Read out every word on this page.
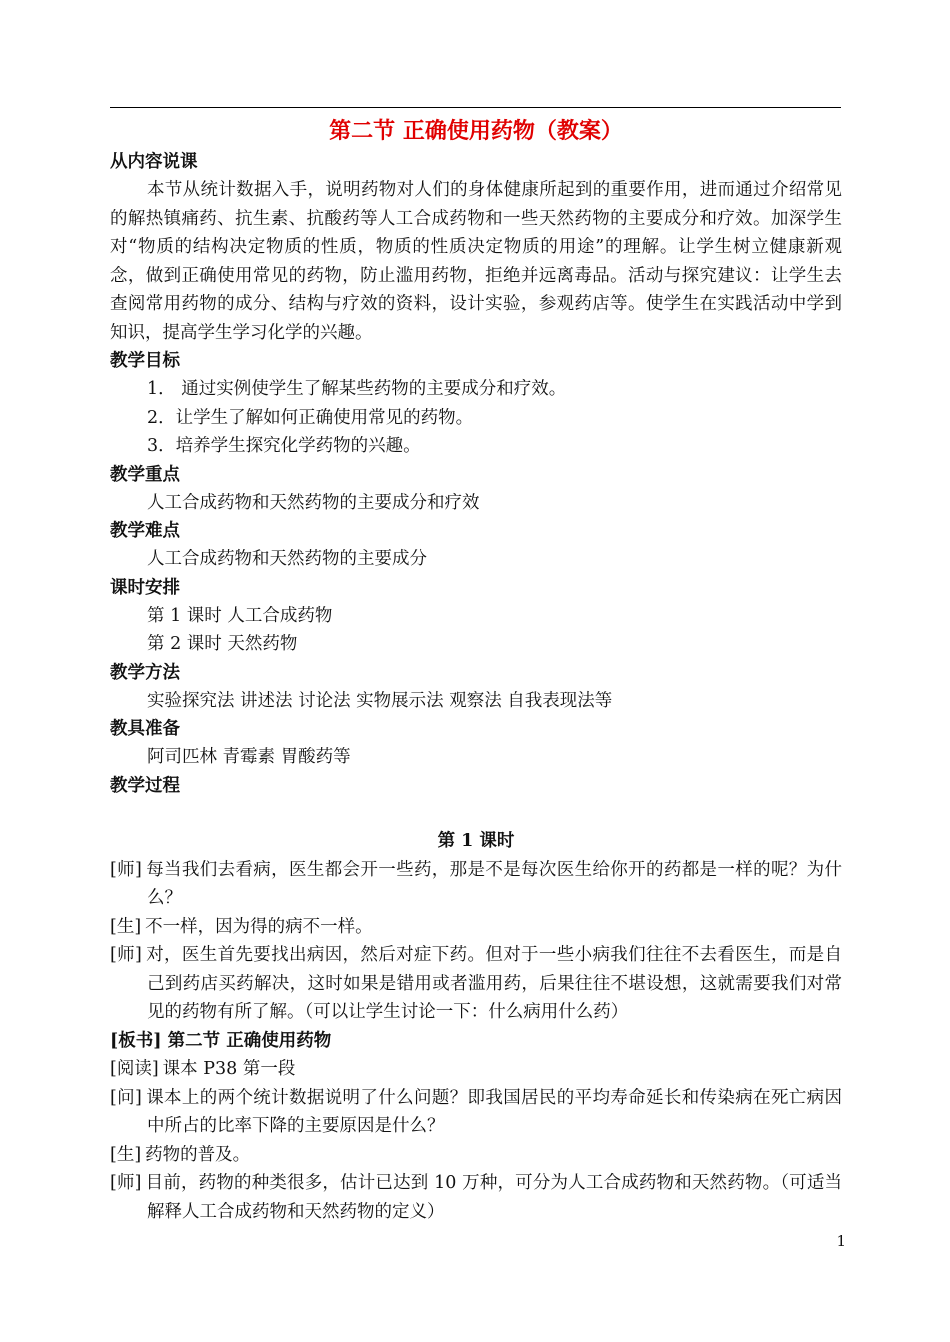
第二节 正确使用药物（教案）

从内容说课

本节从统计数据入手，说明药物对人们的身体健康所起到的重要作用，进而通过介绍常见的解热镇痛药、抗生素、抗酸药等人工合成药物和一些天然药物的主要成分和疗效。加深学生对“物质的结构决定物质的性质，物质的性质决定物质的用途”的理解。让学生树立健康新观念，做到正确使用常见的药物，防止滥用药物，拒绝并远离毒品。活动与探究建议：让学生去查阅常用药物的成分、结构与疗效的资料，设计实验，参观药店等。使学生在实践活动中学到知识，提高学生学习化学的兴趣。

教学目标

1． 通过实例使学生了解某些药物的主要成分和疗效。

2．让学生了解如何正确使用常见的药物。

3．培养学生探究化学药物的兴趣。

教学重点

人工合成药物和天然药物的主要成分和疗效

教学难点

人工合成药物和天然药物的主要成分

课时安排

第 1 课时 人工合成药物

第 2 课时 天然药物

教学方法

实验探究法 讲述法 讨论法 实物展示法 观察法 自我表现法等

教具准备

阿司匹林 青霉素 胃酸药等

教学过程

第 1 课时

[师] 每当我们去看病，医生都会开一些药，那是不是每次医生给你开的药都是一样的呢？为什么？

[生] 不一样，因为得的病不一样。

[师] 对，医生首先要找出病因，然后对症下药。但对于一些小病我们往往不去看医生，而是自己到药店买药解决，这时如果是错用或者滥用药，后果往往不堪设想，这就需要我们对常见的药物有所了解。（可以让学生讨论一下：什么病用什么药）

[板书] 第二节 正确使用药物

[阅读] 课本 P38 第一段

[问] 课本上的两个统计数据说明了什么问题？即我国居民的平均寿命延长和传染病在死亡病因中所占的比率下降的主要原因是什么？

[生] 药物的普及。

[师] 目前，药物的种类很多，估计已达到 10 万种，可分为人工合成药物和天然药物。（可适当解释人工合成药物和天然药物的定义）

1
